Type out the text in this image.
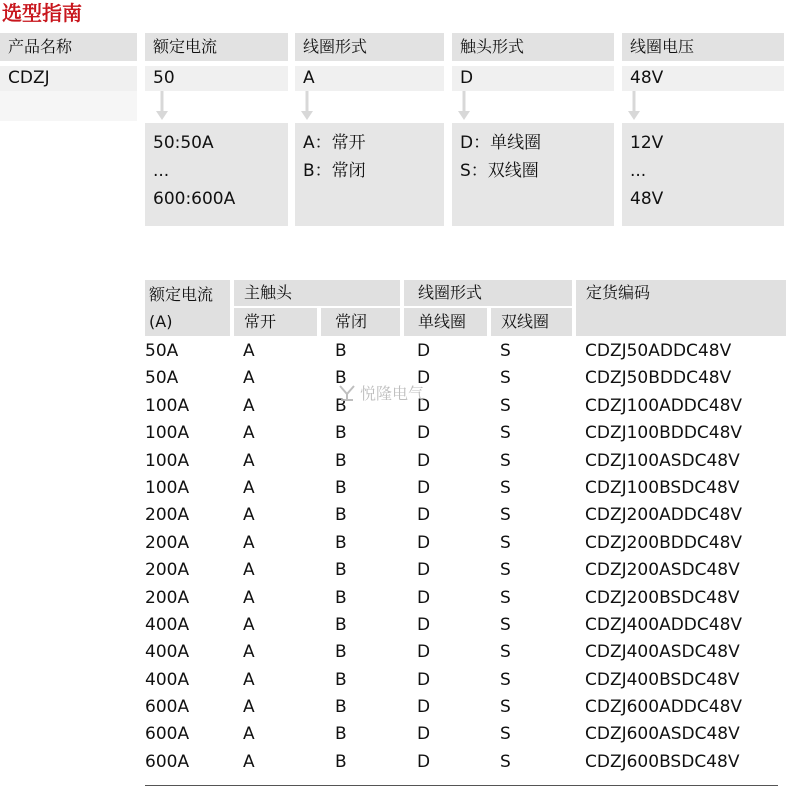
选型指南
产品名称	额定电流	线圈形式	触头形式	线圈电压
CDZJ	50	A	D	48V
50:50A
...
600:600A
A：常开
B：常闭
D：单线圈
S：双线圈
12V
...
48V
额定电流
(A)
主触头
常开	常闭
线圈形式
单线圈	双线圈
定货编码
50A	A	B	D	S	CDZJ50ADDC48V
50A	A	B	D	S	CDZJ50BDDC48V
100A	A	B	D	S	CDZJ100ADDC48V
100A	A	B	D	S	CDZJ100BDDC48V
100A	A	B	D	S	CDZJ100ASDC48V
100A	A	B	D	S	CDZJ100BSDC48V
200A	A	B	D	S	CDZJ200ADDC48V
200A	A	B	D	S	CDZJ200BDDC48V
200A	A	B	D	S	CDZJ200ASDC48V
200A	A	B	D	S	CDZJ200BSDC48V
400A	A	B	D	S	CDZJ400ADDC48V
400A	A	B	D	S	CDZJ400ASDC48V
400A	A	B	D	S	CDZJ400BSDC48V
600A	A	B	D	S	CDZJ600ADDC48V
600A	A	B	D	S	CDZJ600ASDC48V
600A	A	B	D	S	CDZJ600BSDC48V
悦隆电气
